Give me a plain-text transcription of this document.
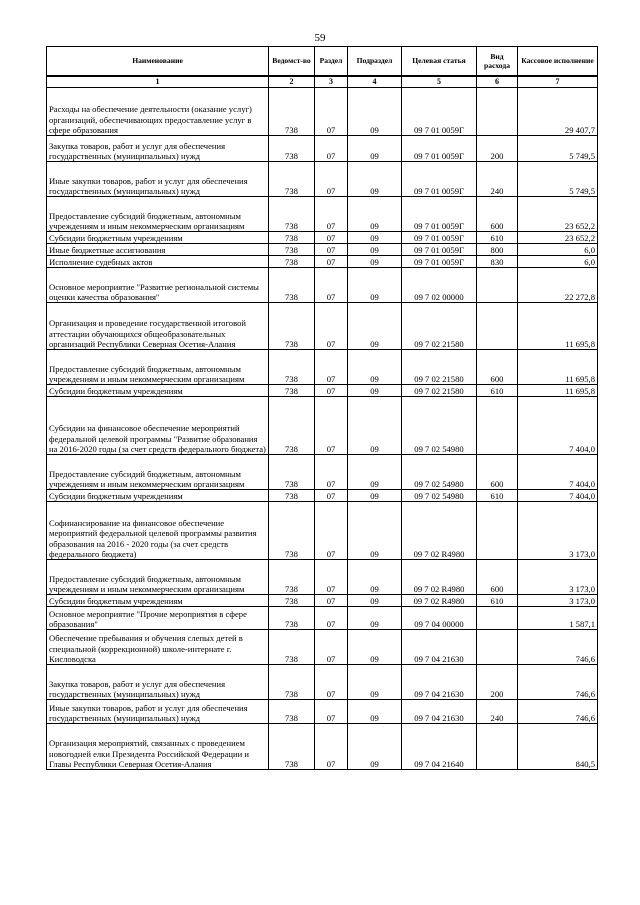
59
Наименование	Ведомст-во	Раздел	Подраздел	Целевая статья	Вид расхода	Кассовое исполнение
1	2	3	4	5	6	7
Расходы на обеспечение деятельности (оказание услуг) организаций, обеспечивающих предоставление услуг в сфере образования	738	07	09	09 7 01 0059Г		29 407,7
Закупка товаров, работ и услуг для обеспечения государственных (муниципальных) нужд	738	07	09	09 7 01 0059Г	200	5 749,5
Иные закупки товаров, работ и услуг для обеспечения государственных (муниципальных) нужд	738	07	09	09 7 01 0059Г	240	5 749,5
Предоставление субсидий бюджетным, автономным учреждениям и иным некоммерческим организациям	738	07	09	09 7 01 0059Г	600	23 652,2
Субсидии бюджетным учреждениям	738	07	09	09 7 01 0059Г	610	23 652,2
Иные бюджетные ассигнования	738	07	09	09 7 01 0059Г	800	6,0
Исполнение судебных актов	738	07	09	09 7 01 0059Г	830	6,0
Основное мероприятие "Развитие региональной системы оценки качества образования"	738	07	09	09 7 02 00000		22 272,8
Организация и проведение государственной итоговой аттестации обучающихся общеобразовательных организаций Республики Северная Осетия-Алания	738	07	09	09 7 02 21580		11 695,8
Предоставление субсидий бюджетным, автономным учреждениям и иным некоммерческим организациям	738	07	09	09 7 02 21580	600	11 695,8
Субсидии бюджетным учреждениям	738	07	09	09 7 02 21580	610	11 695,8
Субсидии на финансовое обеспечение мероприятий федеральной целевой программы "Развитие образования на 2016-2020 годы (за счет средств федерального бюджета)	738	07	09	09 7 02 54980		7 404,0
Предоставление субсидий бюджетным, автономным учреждениям и иным некоммерческим организациям	738	07	09	09 7 02 54980	600	7 404,0
Субсидии бюджетным учреждениям	738	07	09	09 7 02 54980	610	7 404,0
Софинансирование на финансовое обеспечение мероприятий федеральной целевой программы развития образования на 2016 - 2020 годы (за счет средств федерального бюджета)	738	07	09	09 7 02 R4980		3 173,0
Предоставление субсидий бюджетным, автономным учреждениям и иным некоммерческим организациям	738	07	09	09 7 02 R4980	600	3 173,0
Субсидии бюджетным учреждениям	738	07	09	09 7 02 R4980	610	3 173,0
Основное мероприятие "Прочие мероприятия в сфере образования"	738	07	09	09 7 04 00000		1 587,1
Обеспечение пребывания и обучения слепых детей в специальной (коррекционной) школе-интернате г. Кисловодска	738	07	09	09 7 04 21630		746,6
Закупка товаров, работ и услуг для обеспечения государственных (муниципальных) нужд	738	07	09	09 7 04 21630	200	746,6
Иные закупки товаров, работ и услуг для обеспечения государственных (муниципальных) нужд	738	07	09	09 7 04 21630	240	746,6
Организация мероприятий, связанных с проведением новогодней елки Президента Российской Федерации и Главы Республики Северная Осетия-Алания	738	07	09	09 7 04 21640		840,5
